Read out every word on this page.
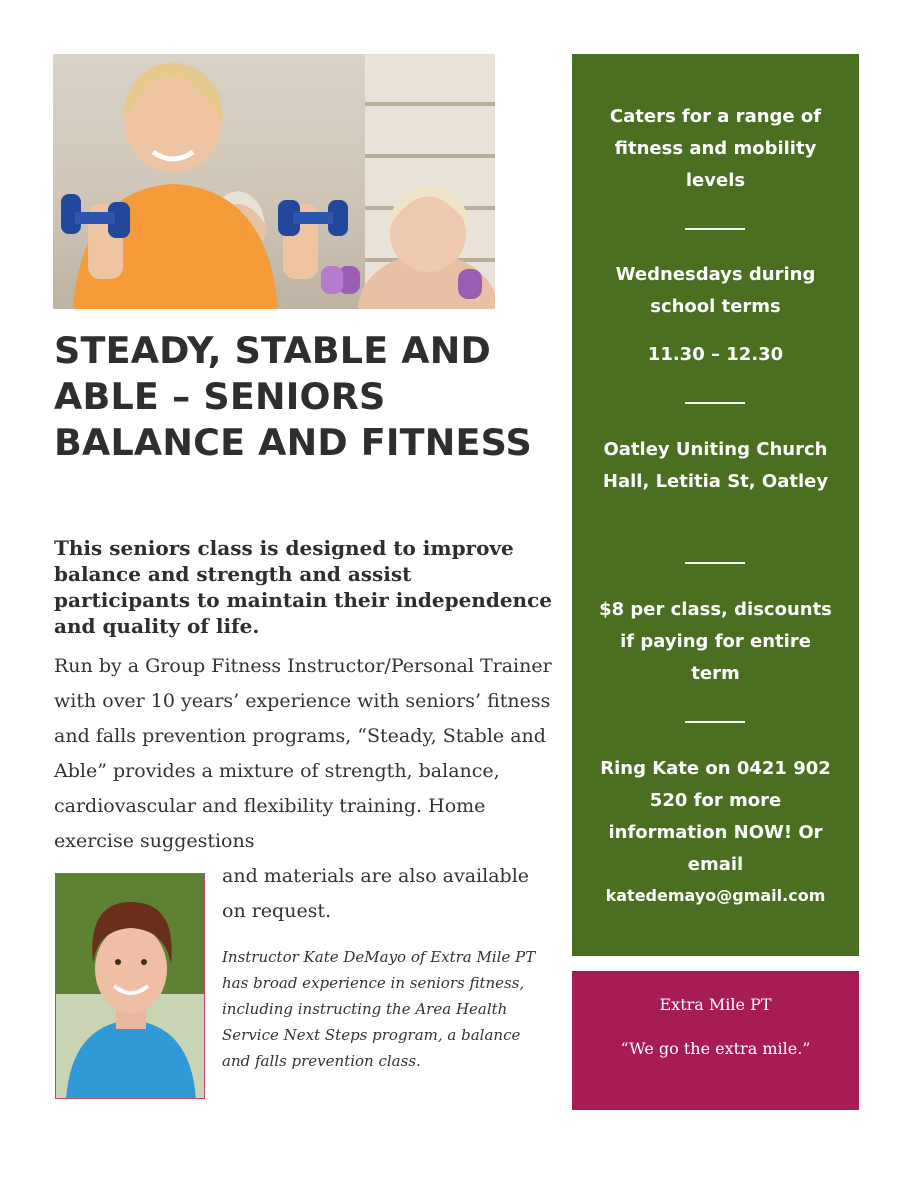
STEADY, STABLE AND ABLE – SENIORS BALANCE AND FITNESS

This seniors class is designed to improve balance and strength and assist participants to maintain their independence and quality of life.

Run by a Group Fitness Instructor/Personal Trainer with over 10 years’ experience with seniors’ fitness and falls prevention programs, “Steady, Stable and Able” provides a mixture of strength, balance, cardiovascular and flexibility training. Home exercise suggestions

and materials are also available on request.

Instructor Kate DeMayo of Extra Mile PT has broad experience in seniors fitness, including instructing the Area Health Service Next Steps program, a balance and falls prevention class.

Caters for a range of fitness and mobility levels

Wednesdays during school terms

11.30 – 12.30

Oatley Uniting Church Hall, Letitia St, Oatley

$8 per class, discounts if paying for entire term

Ring Kate on 0421 902 520 for more information NOW! Or email

katedemayo@gmail.com

Extra Mile PT
“We go the extra mile.”
